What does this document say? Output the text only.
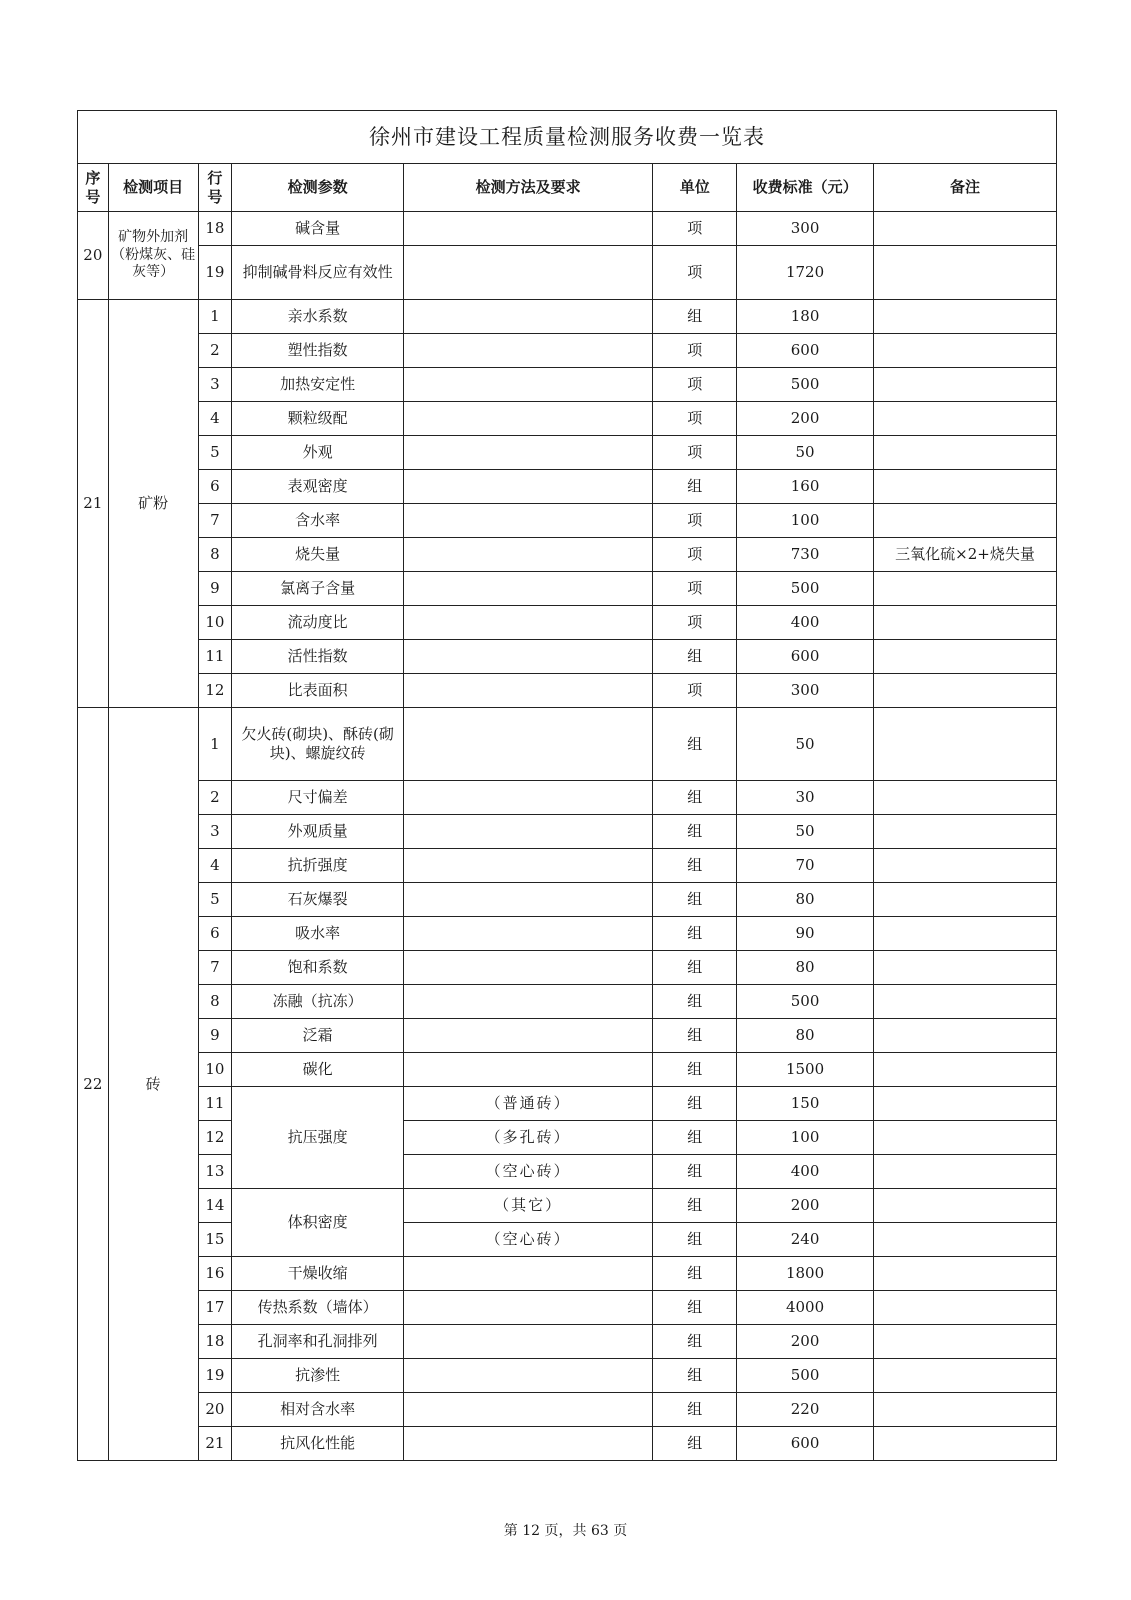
徐州市建设工程质量检测服务收费一览表							
序号	检测项目	行号	检测参数	检测方法及要求	单位	收费标准（元）	备注
20	矿物外加剂（粉煤灰、硅灰等）	18	碱含量		项	300	
		19	抑制碱骨料反应有效性		项	1720	
21	矿粉	1	亲水系数		组	180	
		2	塑性指数		项	600	
		3	加热安定性		项	500	
		4	颗粒级配		项	200	
		5	外观		项	50	
		6	表观密度		组	160	
		7	含水率		项	100	
		8	烧失量		项	730	三氧化硫×2+烧失量
		9	氯离子含量		项	500	
		10	流动度比		项	400	
		11	活性指数		组	600	
		12	比表面积		项	300	
22	砖	1	欠火砖(砌块)、酥砖(砌块)、螺旋纹砖		组	50	
		2	尺寸偏差		组	30	
		3	外观质量		组	50	
		4	抗折强度		组	70	
		5	石灰爆裂		组	80	
		6	吸水率		组	90	
		7	饱和系数		组	80	
		8	冻融（抗冻）		组	500	
		9	泛霜		组	80	
		10	碳化		组	1500	
		11	抗压强度	（普通砖）	组	150	
		12		（多孔砖）	组	100	
		13		（空心砖）	组	400	
		14	体积密度	（其它）	组	200	
		15		（空心砖）	组	240	
		16	干燥收缩		组	1800	
		17	传热系数（墙体）		组	4000	
		18	孔洞率和孔洞排列		组	200	
		19	抗渗性		组	500	
		20	相对含水率		组	220	
		21	抗风化性能		组	600	
第 12 页，共 63 页
